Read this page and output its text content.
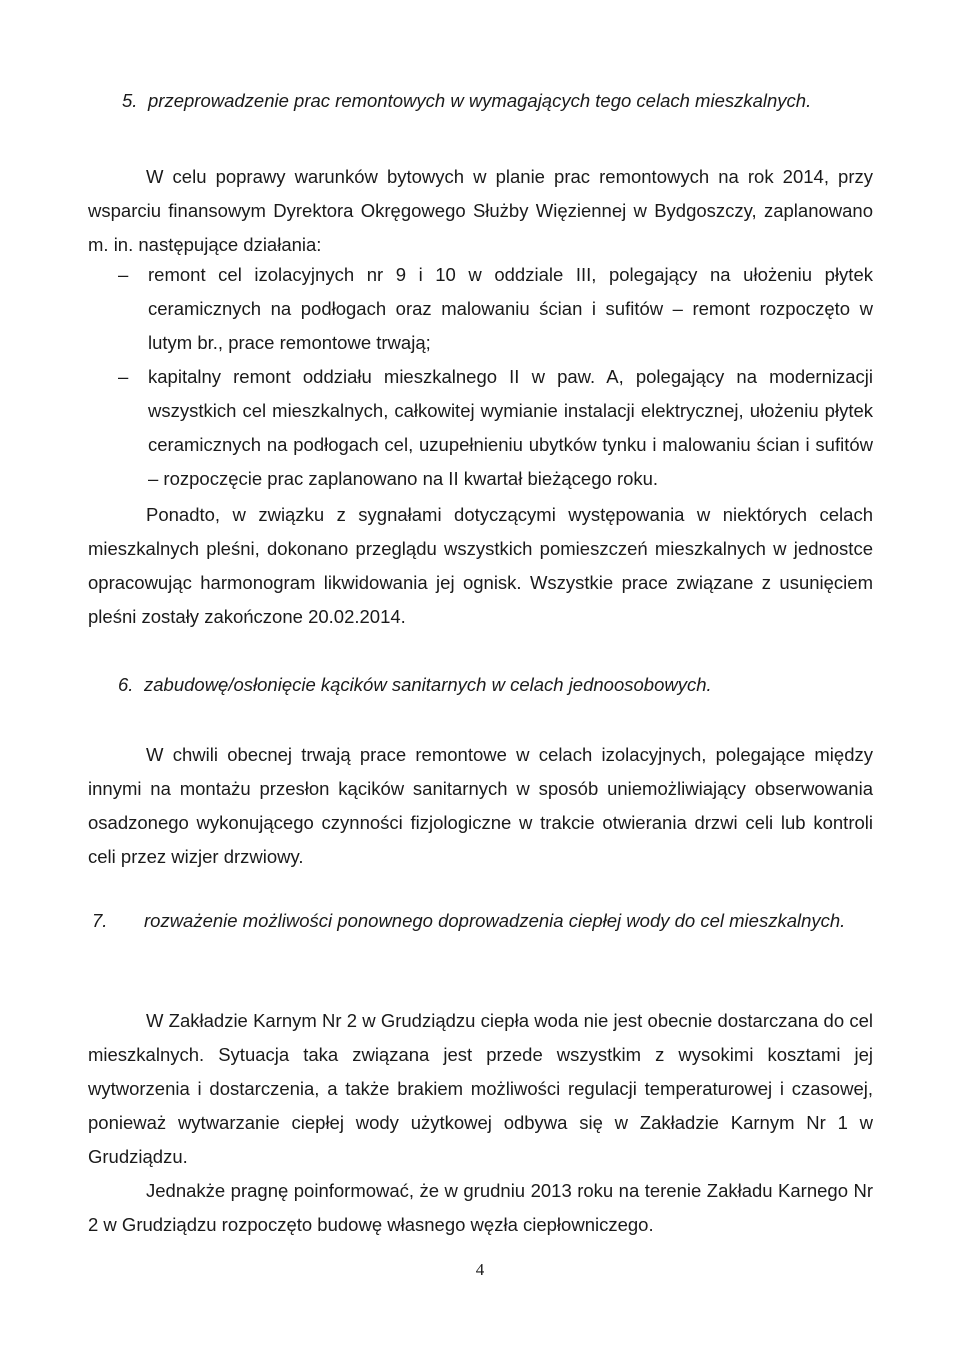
5. przeprowadzenie prac remontowych w wymagających tego celach mieszkalnych.

W celu poprawy warunków bytowych w planie prac remontowych na rok 2014, przy wsparciu finansowym Dyrektora Okręgowego Służby Więziennej w Bydgoszczy, zaplanowano m. in. następujące działania:

– remont cel izolacyjnych nr 9 i 10 w oddziale III, polegający na ułożeniu płytek ceramicznych na podłogach oraz malowaniu ścian i sufitów – remont rozpoczęto w lutym br., prace remontowe trwają;
– kapitalny remont oddziału mieszkalnego II w paw. A, polegający na modernizacji wszystkich cel mieszkalnych, całkowitej wymianie instalacji elektrycznej, ułożeniu płytek ceramicznych na podłogach cel, uzupełnieniu ubytków tynku i malowaniu ścian i sufitów – rozpoczęcie prac zaplanowano na II kwartał bieżącego roku.

Ponadto, w związku z sygnałami dotyczącymi występowania w niektórych celach mieszkalnych pleśni, dokonano przeglądu wszystkich pomieszczeń mieszkalnych w jednostce opracowując harmonogram likwidowania jej ognisk. Wszystkie prace związane z usunięciem pleśni zostały zakończone 20.02.2014.

6. zabudowę/osłonięcie kącików sanitarnych w celach jednoosobowych.

W chwili obecnej trwają prace remontowe w celach izolacyjnych, polegające między innymi na montażu przesłon kącików sanitarnych w sposób uniemożliwiający obserwowania osadzonego wykonującego czynności fizjologiczne w trakcie otwierania drzwi celi lub kontroli celi przez wizjer drzwiowy.

7. rozważenie możliwości ponownego doprowadzenia ciepłej wody do cel mieszkalnych.

W Zakładzie Karnym Nr 2 w Grudziądzu ciepła woda nie jest obecnie dostarczana do cel mieszkalnych. Sytuacja taka związana jest przede wszystkim z wysokimi kosztami jej wytworzenia i dostarczenia, a także brakiem możliwości regulacji temperaturowej i czasowej, ponieważ wytwarzanie ciepłej wody użytkowej odbywa się w Zakładzie Karnym Nr 1 w Grudziądzu.

Jednakże pragnę poinformować, że w grudniu 2013 roku na terenie Zakładu Karnego Nr 2 w Grudziądzu rozpoczęto budowę własnego węzła ciepłowniczego.

4
